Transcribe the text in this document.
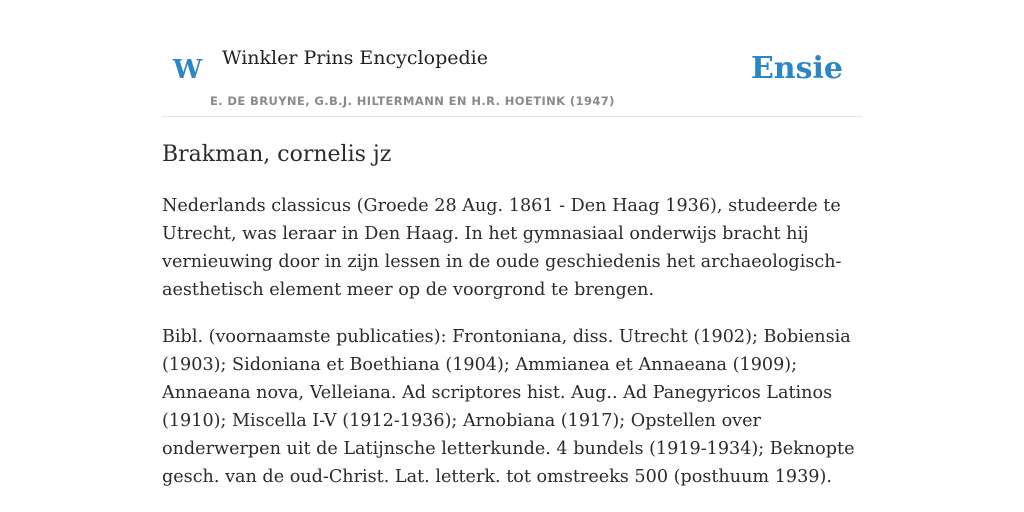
W Winkler Prins Encyclopedie
E. DE BRUYNE, G.B.J. HILTERMANN EN H.R. HOETINK (1947)
Ensie
Brakman, cornelis jz

Nederlands classicus (Groede 28 Aug. 1861 - Den Haag 1936), studeerde te Utrecht, was leraar in Den Haag. In het gymnasiaal onderwijs bracht hij vernieuwing door in zijn lessen in de oude geschiedenis het archaeologisch-aesthetisch element meer op de voorgrond te brengen.

Bibl. (voornaamste publicaties): Frontoniana, diss. Utrecht (1902); Bobiensia (1903); Sidoniana et Boethiana (1904); Ammianea et Annaeana (1909); Annaeana nova, Velleiana. Ad scriptores hist. Aug.. Ad Panegyricos Latinos (1910); Miscella I-V (1912-1936); Arnobiana (1917); Opstellen over onderwerpen uit de Latijnsche letterkunde. 4 bundels (1919-1934); Beknopte gesch. van de oud-Christ. Lat. letterk. tot omstreeks 500 (posthuum 1939).
